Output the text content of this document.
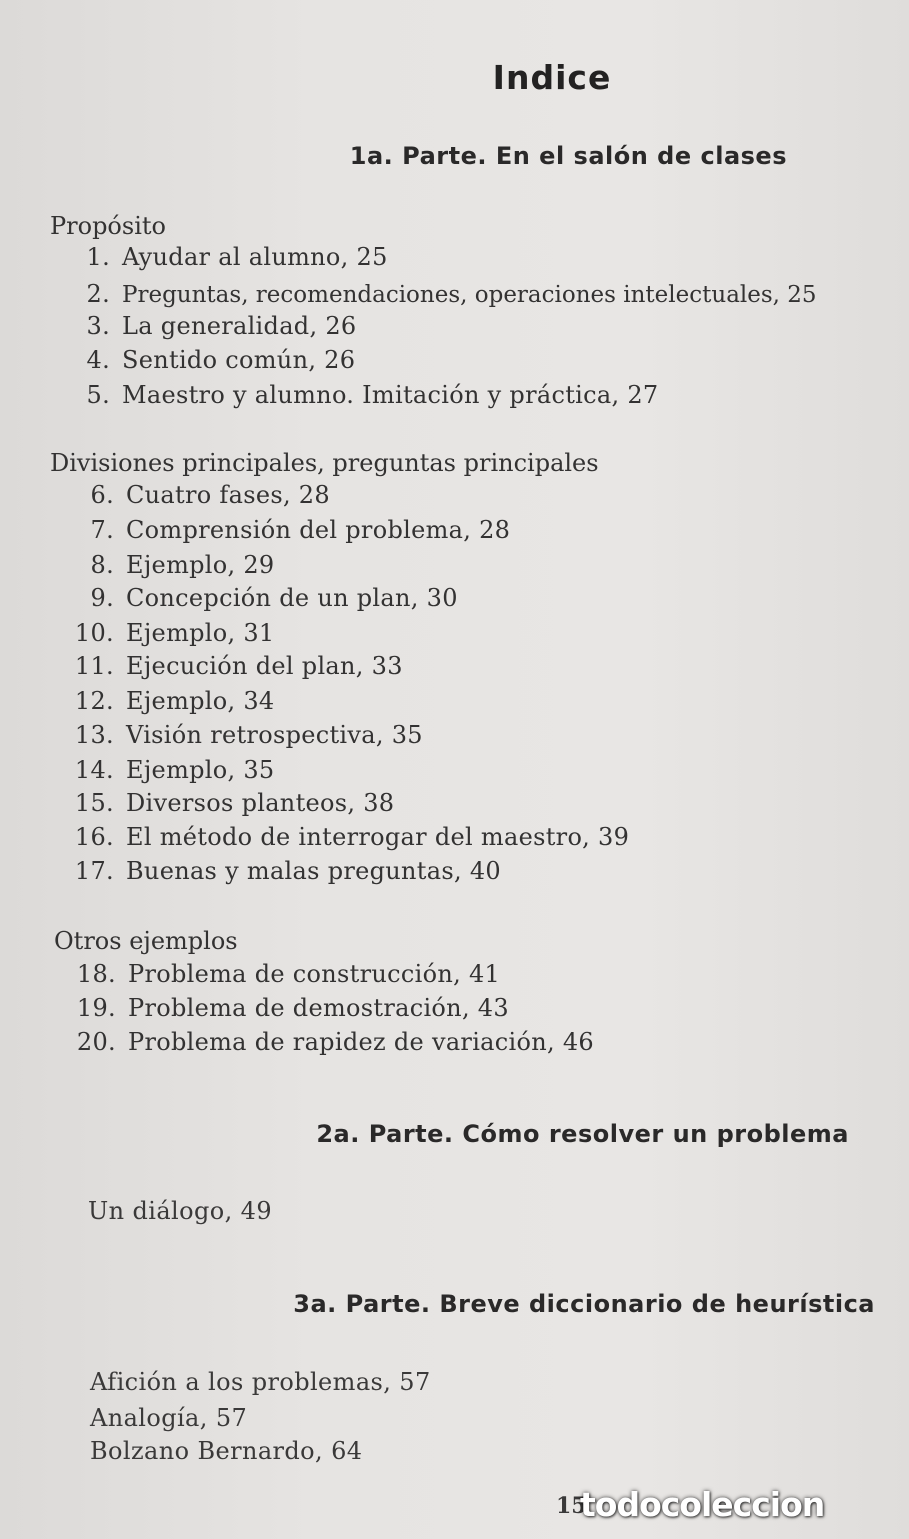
Indice
1a. Parte. En el salón de clases
Propósito
1. Ayudar al alumno, 25
2. Preguntas, recomendaciones, operaciones intelectuales, 25
3. La generalidad, 26
4. Sentido común, 26
5. Maestro y alumno. Imitación y práctica, 27
Divisiones principales, preguntas principales
6. Cuatro fases, 28
7. Comprensión del problema, 28
8. Ejemplo, 29
9. Concepción de un plan, 30
10. Ejemplo, 31
11. Ejecución del plan, 33
12. Ejemplo, 34
13. Visión retrospectiva, 35
14. Ejemplo, 35
15. Diversos planteos, 38
16. El método de interrogar del maestro, 39
17. Buenas y malas preguntas, 40
Otros ejemplos
18. Problema de construcción, 41
19. Problema de demostración, 43
20. Problema de rapidez de variación, 46
2a. Parte. Cómo resolver un problema
Un diálogo, 49
3a. Parte. Breve diccionario de heurística
Afición a los problemas, 57
Analogía, 57
Bolzano Bernardo, 64
15
todocoleccion
